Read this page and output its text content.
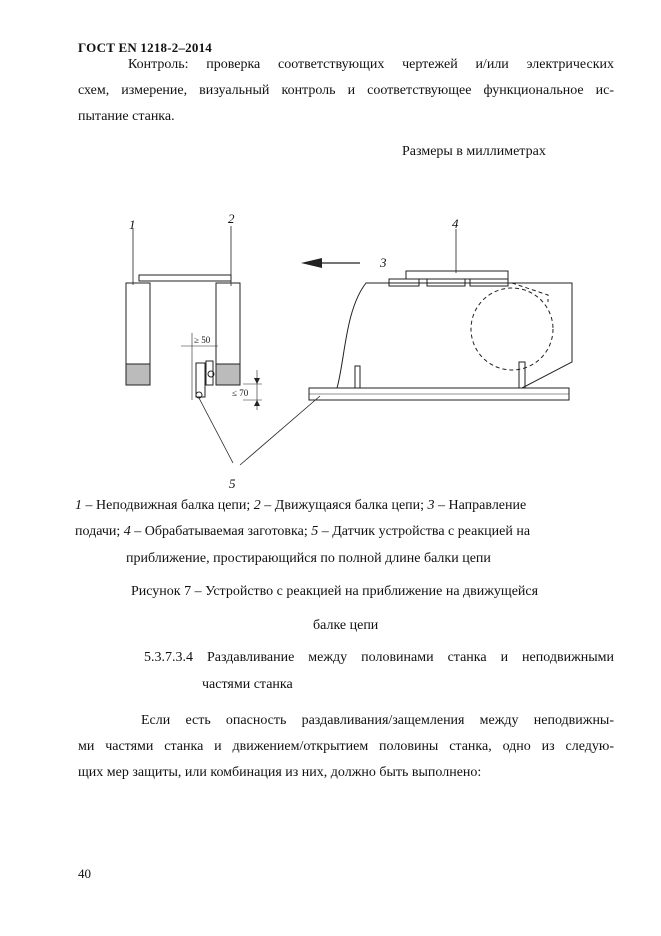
ГОСТ EN 1218-2–2014
Контроль: проверка соответствующих чертежей и/или электрических
схем, измерение, визуальный контроль и соответствующее функциональное ис-
пытание станка.
Размеры в миллиметрах
1	2
3
4
5
≥ 50
≤ 70
1 – Неподвижная балка цепи; 2 – Движущаяся балка цепи; 3 – Направление
подачи; 4 – Обрабатываемая заготовка; 5 – Датчик устройства с реакцией на
приближение, простирающийся по полной длине балки цепи
Рисунок 7 – Устройство с реакцией на приближение на движущейся
балке цепи
5.3.7.3.4 Раздавливание между половинами станка и неподвижными
частями станка
Если есть опасность раздавливания/защемления между неподвижны-
ми частями станка и движением/открытием половины станка, одно из следую-
щих мер защиты, или комбинация из них, должно быть выполнено:
40
